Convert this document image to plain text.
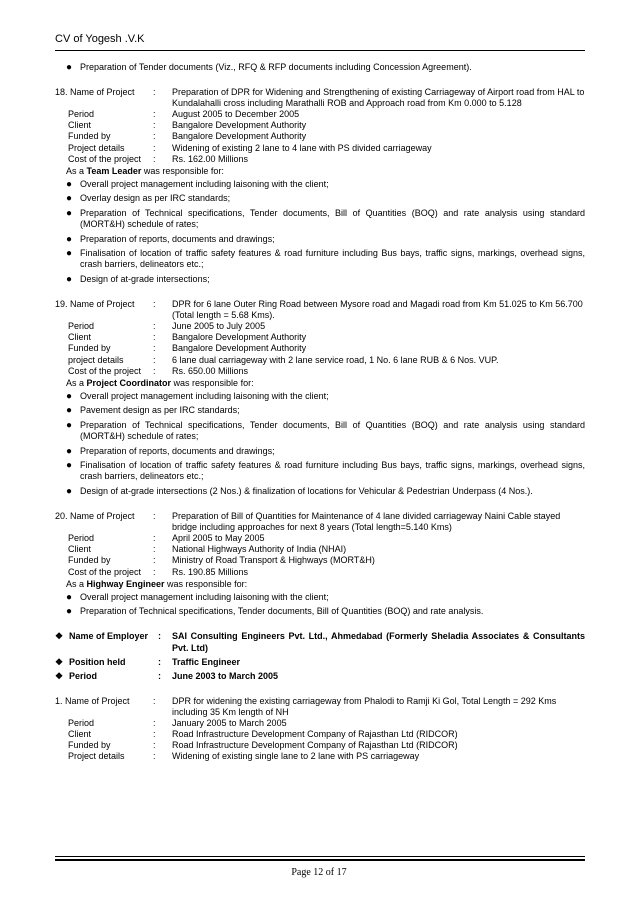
CV of Yogesh .V.K
● Preparation of Tender documents (Viz., RFQ & RFP documents including Concession Agreement).
18. Name of Project	:	Preparation of DPR for Widening and Strengthening of existing Carriageway of Airport road from HAL to Kundalahalli cross including Marathalli ROB and Approach road from Km 0.000 to 5.128
Period	:	August 2005 to December 2005
Client	:	Bangalore Development Authority
Funded by	:	Bangalore Development Authority
Project details	:	Widening of existing 2 lane to 4 lane with PS divided carriageway
Cost of the project	:	Rs. 162.00 Millions
As a Team Leader was responsible for:
● Overall project management including laisoning with the client;
● Overlay design as per IRC standards;
● Preparation of Technical specifications, Tender documents, Bill of Quantities (BOQ) and rate analysis using standard (MORT&H) schedule of rates;
● Preparation of reports, documents and drawings;
● Finalisation of location of traffic safety features & road furniture including Bus bays, traffic signs, markings, overhead signs, crash barriers, delineators etc.;
● Design of at-grade intersections;
19. Name of Project	:	DPR for 6 lane Outer Ring Road between Mysore road and Magadi road from Km 51.025 to Km 56.700 (Total length = 5.68 Kms).
Period	:	June 2005 to July 2005
Client	:	Bangalore Development Authority
Funded by	:	Bangalore Development Authority
project details	:	6 lane dual carriageway with 2 lane service road, 1 No. 6 lane RUB & 6 Nos. VUP.
Cost of the project	:	Rs. 650.00 Millions
As a Project Coordinator was responsible for:
● Overall project management including laisoning with the client;
● Pavement design as per IRC standards;
● Preparation of Technical specifications, Tender documents, Bill of Quantities (BOQ) and rate analysis using standard (MORT&H) schedule of rates;
● Preparation of reports, documents and drawings;
● Finalisation of location of traffic safety features & road furniture including Bus bays, traffic signs, markings, overhead signs, crash barriers, delineators etc.;
● Design of at-grade intersections (2 Nos.) & finalization of locations for Vehicular & Pedestrian Underpass (4 Nos.).
20. Name of Project	:	Preparation of Bill of Quantities for Maintenance of 4 lane divided carriageway Naini Cable stayed bridge including approaches for next 8 years (Total length=5.140 Kms)
Period	:	April 2005 to May 2005
Client	:	National Highways Authority of India (NHAI)
Funded by	:	Ministry of Road Transport & Highways (MORT&H)
Cost of the project	:	Rs. 190.85 Millions
As a Highway Engineer was responsible for:
● Overall project management including laisoning with the client;
● Preparation of Technical specifications, Tender documents, Bill of Quantities (BOQ) and rate analysis.
❖ Name of Employer :	SAI Consulting Engineers Pvt. Ltd., Ahmedabad (Formerly Sheladia Associates & Consultants Pvt. Ltd)
❖ Position held	:	Traffic Engineer
❖ Period	:	June 2003 to March 2005
1. Name of Project	:	DPR for widening the existing carriageway from Phalodi to Ramji Ki Gol, Total Length = 292 Kms including 35 Km length of NH
Period	:	January 2005 to March 2005
Client	:	Road Infrastructure Development Company of Rajasthan Ltd (RIDCOR)
Funded by	:	Road Infrastructure Development Company of Rajasthan Ltd (RIDCOR)
Project details	:	Widening of existing single lane to 2 lane with PS carriageway
Page 12 of 17
